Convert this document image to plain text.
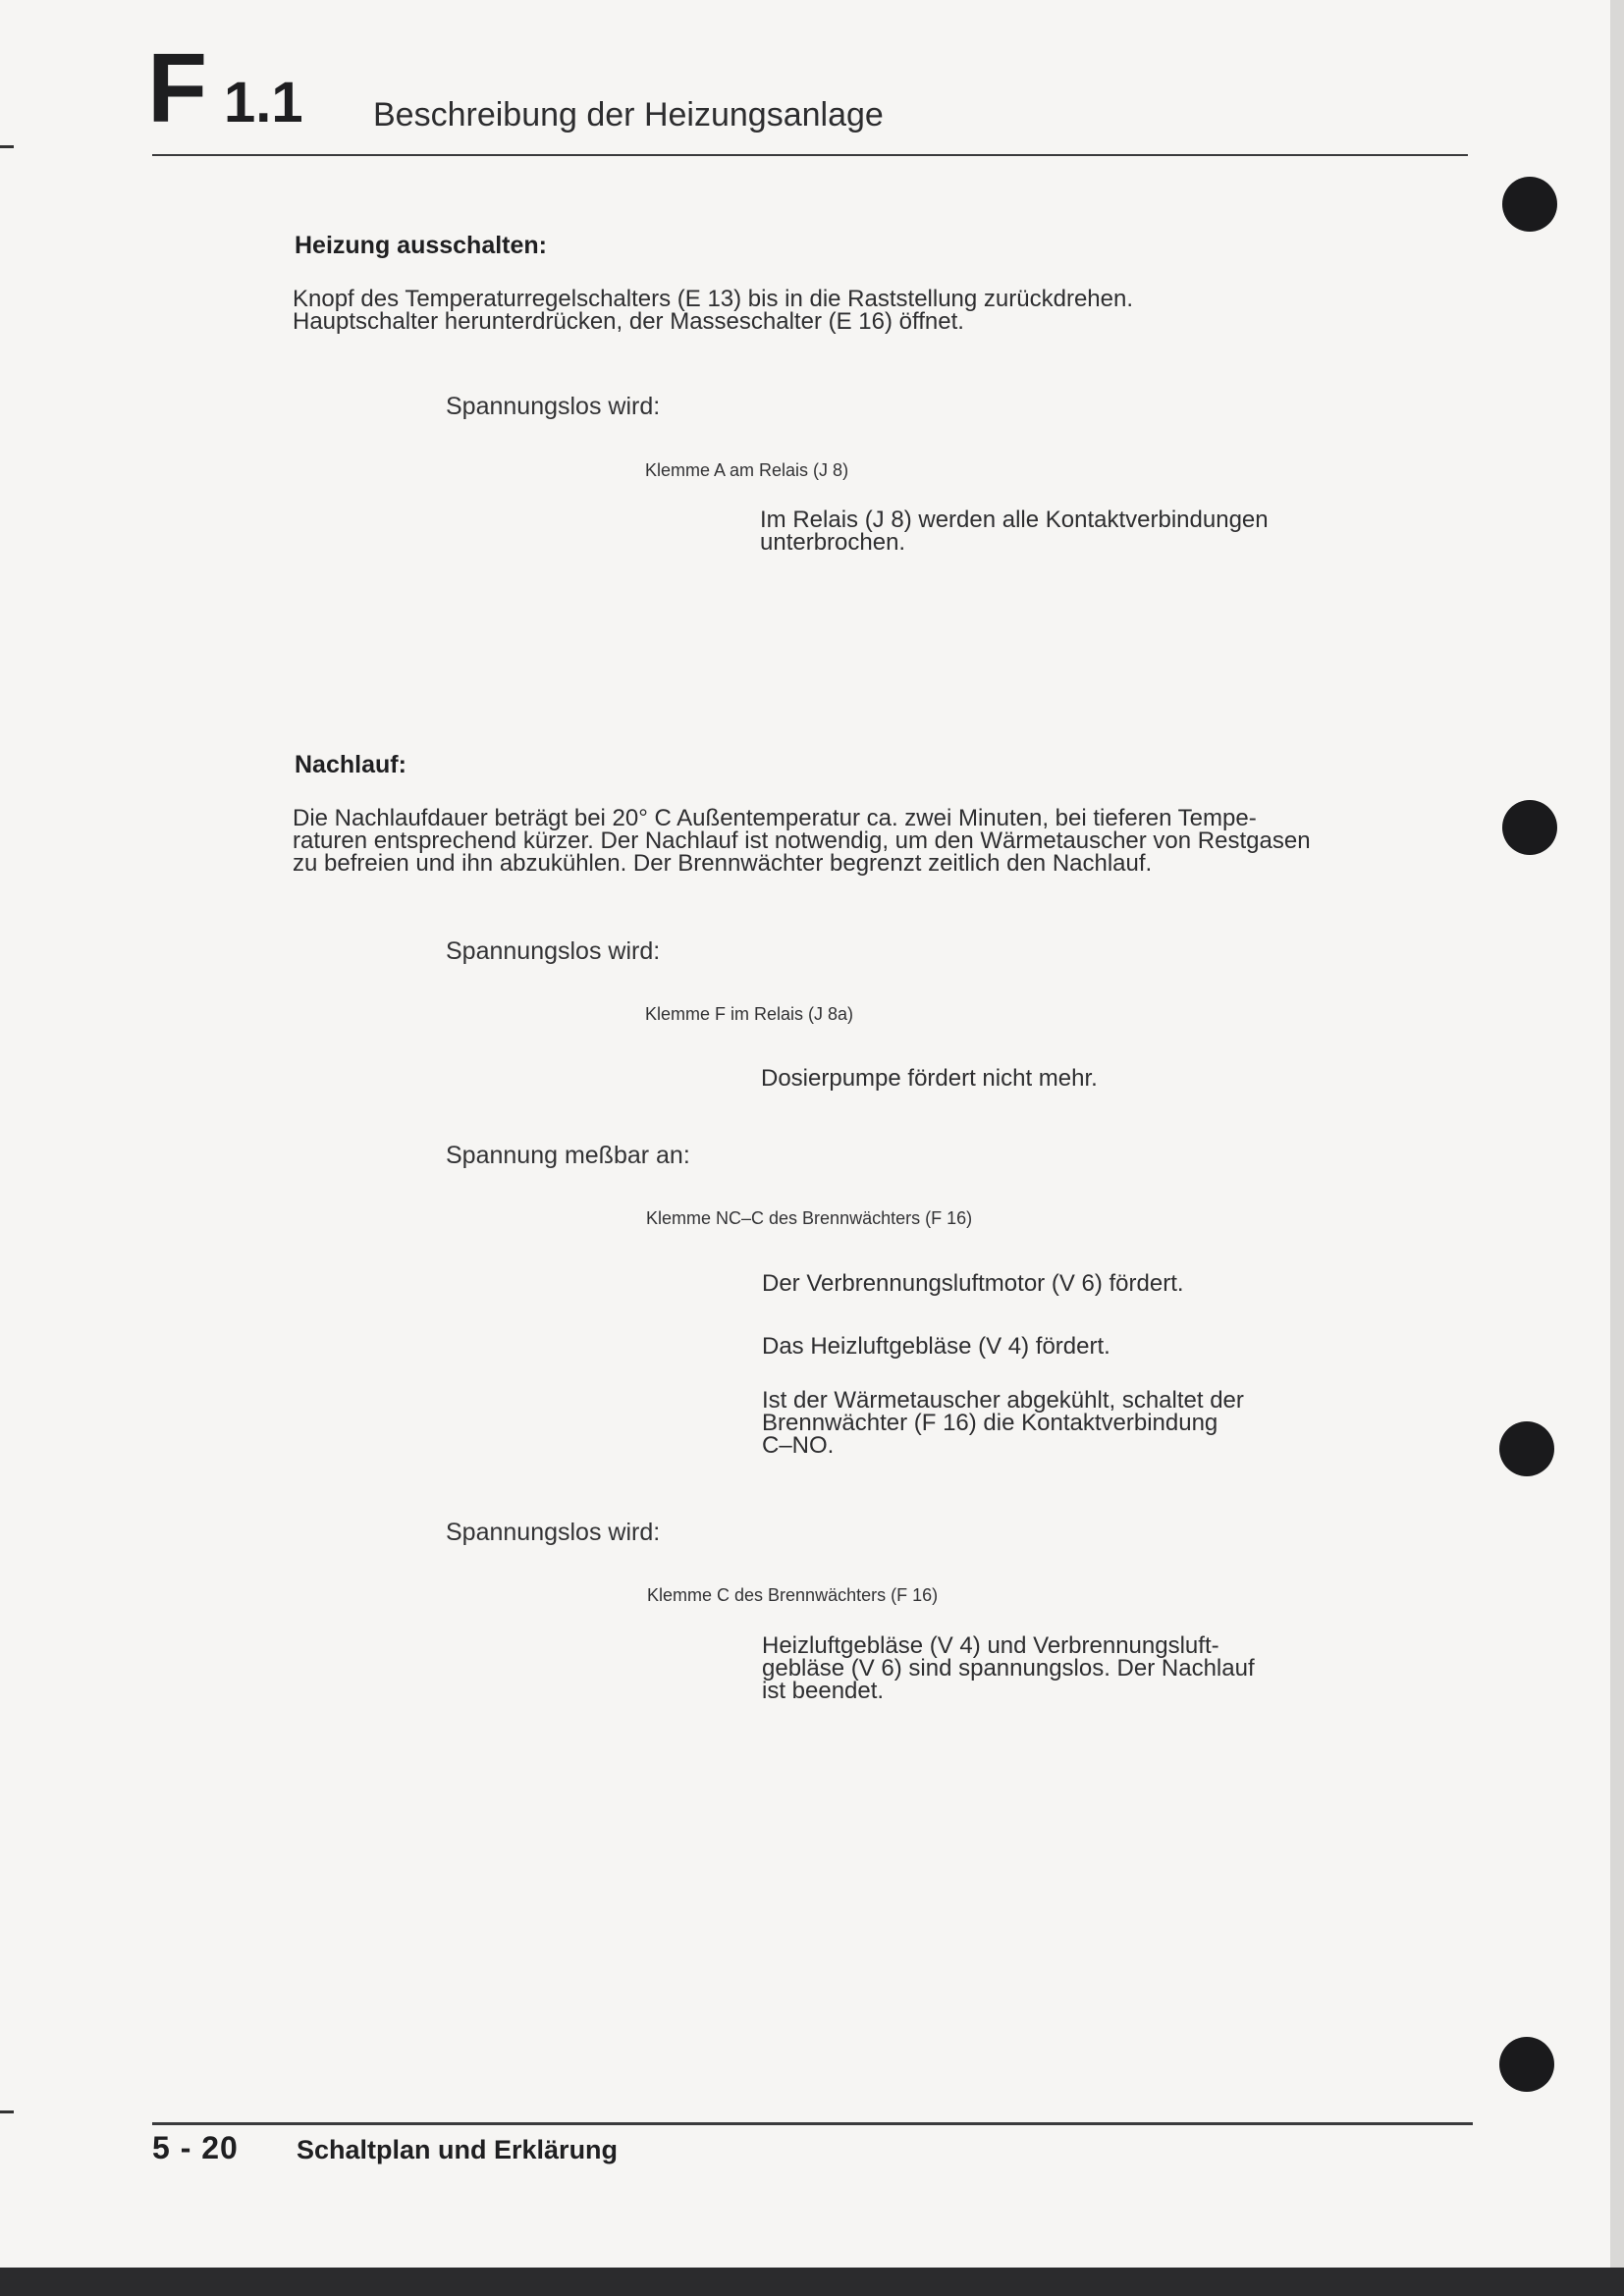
F 1.1 Beschreibung der Heizungsanlage
Heizung ausschalten:
Knopf des Temperaturregelschalters (E 13) bis in die Raststellung zurückdrehen.
Hauptschalter herunterdrücken, der Masseschalter (E 16) öffnet.
Spannungslos wird:
Klemme A am Relais (J 8)
Im Relais (J 8) werden alle Kontaktverbindungen
unterbrochen.
Nachlauf:
Die Nachlaufdauer beträgt bei 20° C Außentemperatur ca. zwei Minuten, bei tieferen Tempe-
raturen entsprechend kürzer. Der Nachlauf ist notwendig, um den Wärmetauscher von Restgasen
zu befreien und ihn abzukühlen. Der Brennwächter begrenzt zeitlich den Nachlauf.
Spannungslos wird:
Klemme F im Relais (J 8a)
Dosierpumpe fördert nicht mehr.
Spannung meßbar an:
Klemme NC–C des Brennwächters (F 16)
Der Verbrennungsluftmotor (V 6) fördert.
Das Heizluftgebläse (V 4) fördert.
Ist der Wärmetauscher abgekühlt, schaltet der
Brennwächter (F 16) die Kontaktverbindung
C–NO.
Spannungslos wird:
Klemme C des Brennwächters (F 16)
Heizluftgebläse (V 4) und Verbrennungsluft-
gebläse (V 6) sind spannungslos. Der Nachlauf
ist beendet.
5 - 20 Schaltplan und Erklärung
